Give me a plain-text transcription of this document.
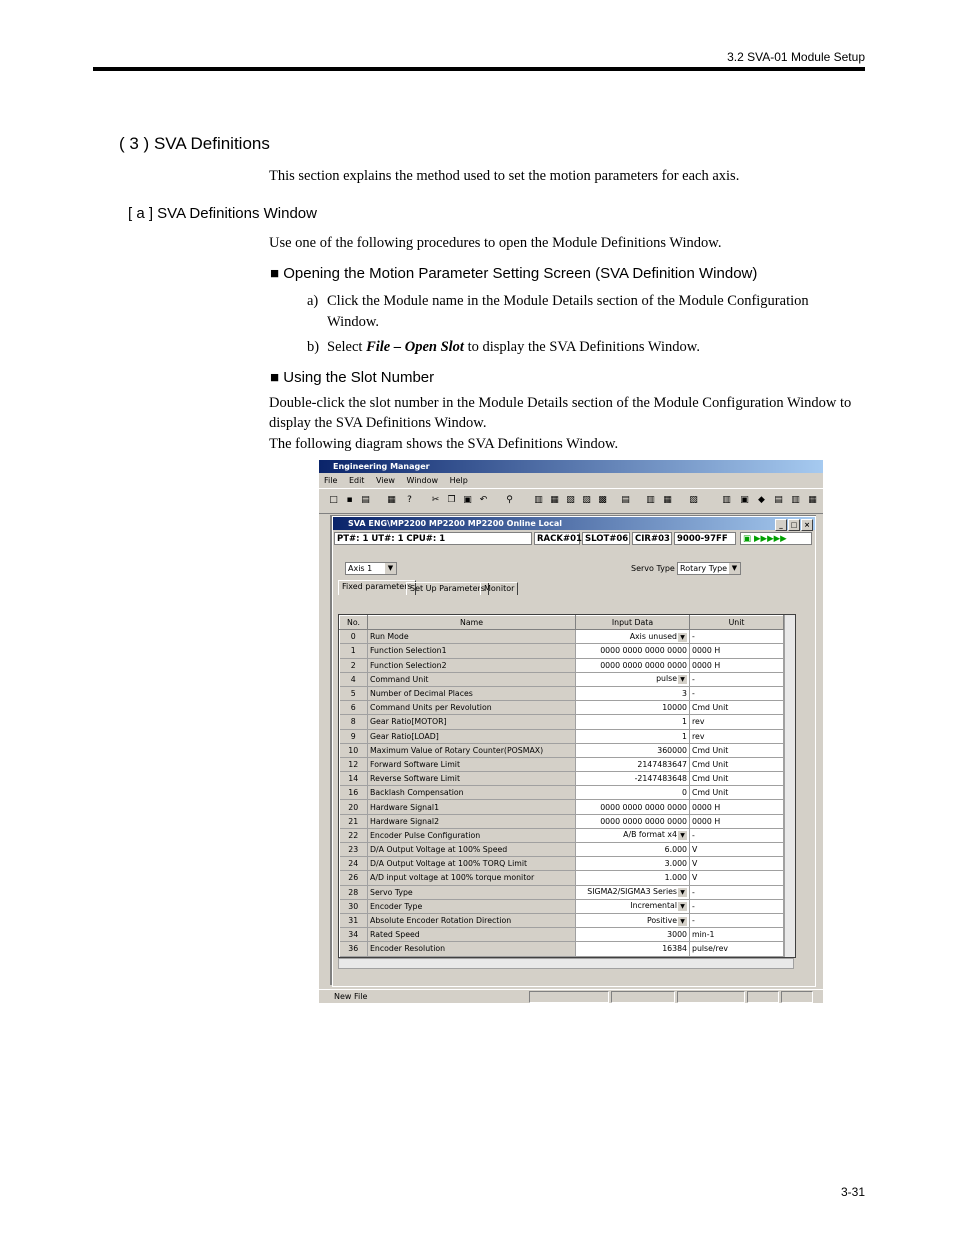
3.2 SVA-01 Module Setup
( 3 ) SVA Definitions
This section explains the method used to set the motion parameters for each axis.
[ a ] SVA Definitions Window
Use one of the following procedures to open the Module Definitions Window.
■ Opening the Motion Parameter Setting Screen (SVA Definition Window)
a) Click the Module name in the Module Details section of the Module Configuration
Window.
b) Select File – Open Slot to display the SVA Definitions Window.
■ Using the Slot Number
Double-click the slot number in the Module Details section of the Module Configuration Window to
display the SVA Definitions Window.
The following diagram shows the SVA Definitions Window.
Engineering Manager
File Edit View Window Help
□ ▪ ▤ ▦	?	✂ ❐ ▣ ↶	⚲	▥ ▦ ▧ ▨ ▩ ▤ ▥ ▦ ▧	▥ ▣	◆	▤ ▥ ▦
SVA ENG\MP2200 MP2200 MP2200 Online Local	_ □ ×
PT#: 1 UT#: 1 CPU#: 1	RACK#01 SLOT#06 CIR#03 9000-97FF	▣ ▶▶▶▶▶
Axis 1	▼	Servo Type Rotary Type ▼
Fixed parameters
Set Up Parameters Monitor
No.	Name	Input Data	Unit
0	Run Mode	Axis unused ▼	-
1	Function Selection1	0000 0000 0000 0000	0000 H
2	Function Selection2	0000 0000 0000 0000	0000 H
4	Command Unit	pulse ▼	-
5	Number of Decimal Places	3	-
6	Command Units per Revolution	10000	Cmd Unit
8	Gear Ratio[MOTOR]	1	rev
9	Gear Ratio[LOAD]	1	rev
10	Maximum Value of Rotary Counter(POSMAX)	360000	Cmd Unit
12	Forward Software Limit	2147483647	Cmd Unit
14	Reverse Software Limit	-2147483648	Cmd Unit
16	Backlash Compensation	0	Cmd Unit
20	Hardware Signal1	0000 0000 0000 0000	0000 H
21	Hardware Signal2	0000 0000 0000 0000	0000 H
22	Encoder Pulse Configuration	A/B format x4 ▼	-
23	D/A Output Voltage at 100% Speed	6.000	V
24	D/A Output Voltage at 100% TORQ Limit	3.000	V
26	A/D input voltage at 100% torque monitor	1.000	V
28	Servo Type	SIGMA2/SIGMA3 Series ▼	-
30	Encoder Type	Incremental ▼	-
31	Absolute Encoder Rotation Direction	Positive ▼	-
34	Rated Speed	3000	min-1
36	Encoder Resolution	16384	pulse/rev
New File
3-31
